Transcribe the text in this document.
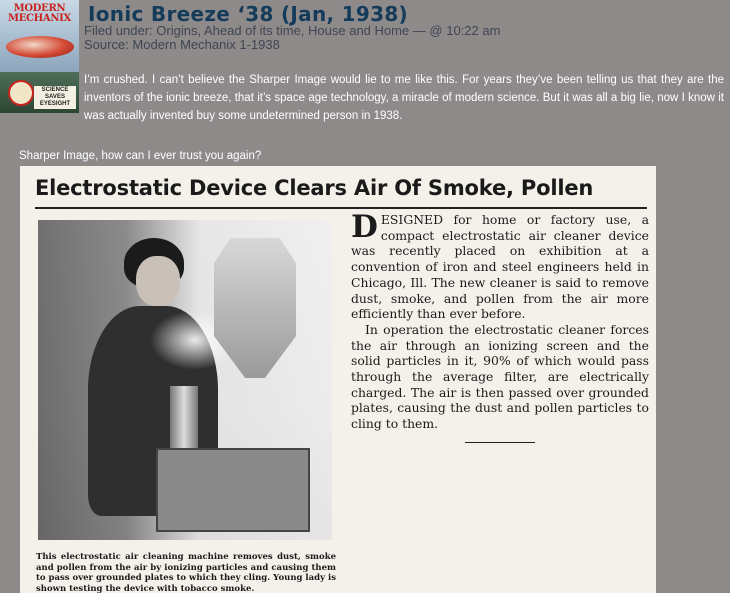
MODERN
MECHANIX
SCIENCE SAVES EYESIGHT
Ionic Breeze ‘38 (Jan, 1938)
Filed under: Origins, Ahead of its time, House and Home — @ 10:22 am
Source: Modern Mechanix 1-1938

I’m crushed. I can’t believe the Sharper Image would lie to me like this. For years they’ve been telling us that they are the inventors of the ionic breeze, that it’s space age technology, a miracle of modern science. But it was all a big lie, now I know it was actually invented buy some undetermined person in 1938.

Sharper Image, how can I ever trust you again?

Electrostatic Device Clears Air Of Smoke, Pollen

This electrostatic air cleaning machine removes dust, smoke and pollen from the air by ionizing particles and causing them to pass over grounded plates to which they cling. Young lady is shown testing the device with tobacco smoke.

DESIGNED for home or factory use, a compact electrostatic air cleaner device was recently placed on exhibition at a convention of iron and steel engineers held in Chicago, Ill. The new cleaner is said to remove dust, smoke, and pollen from the air more efficiently than ever before.

In operation the electrostatic cleaner forces the air through an ionizing screen and the solid particles in it, 90% of which would pass through the average filter, are electrically charged. The air is then passed over grounded plates, causing the dust and pollen particles to cling to them.
